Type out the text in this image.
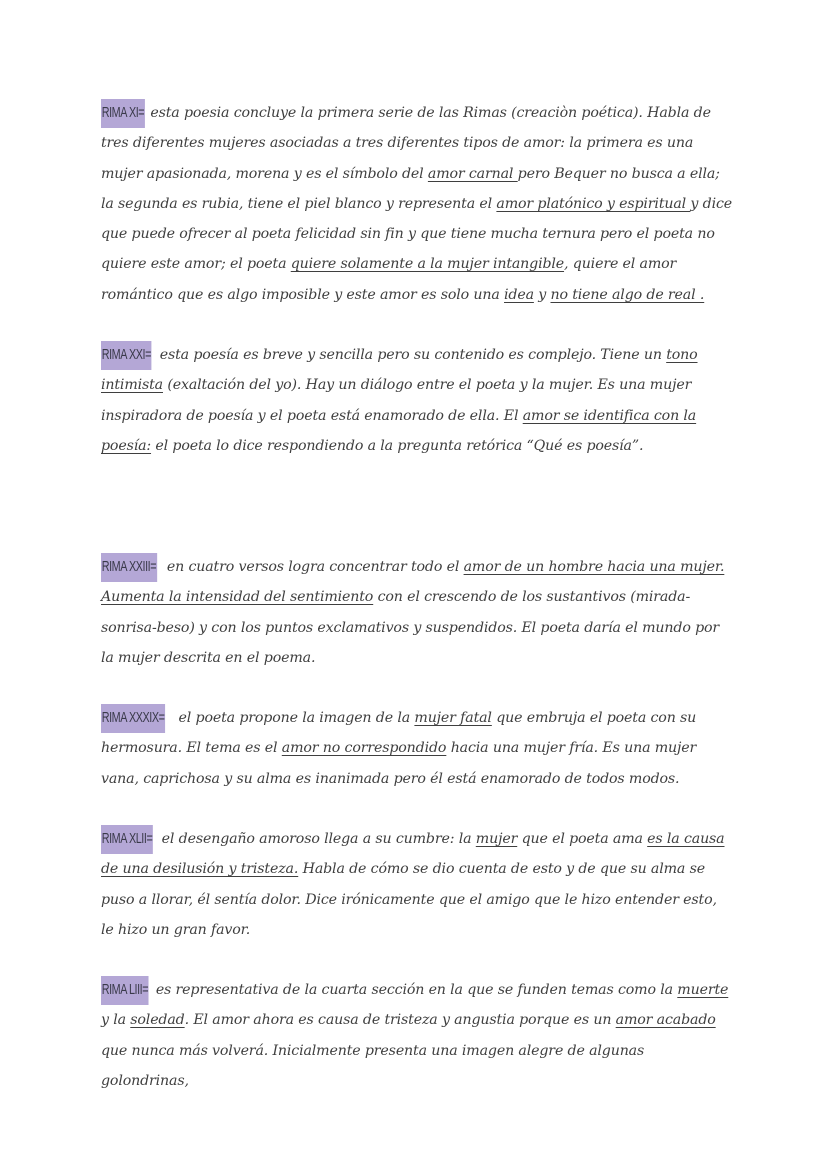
RIMA XI= esta poesia concluye la primera serie de las Rimas (creaciòn poética). Habla de tres diferentes mujeres asociadas a tres diferentes tipos de amor: la primera es una mujer apasionada, morena y es el símbolo del amor carnal pero Bequer no busca a ella; la segunda es rubia, tiene el piel blanco y representa el amor platónico y espiritual y dice que puede ofrecer al poeta felicidad sin fin y que tiene mucha ternura pero el poeta no quiere este amor; el poeta quiere solamente a la mujer intangible, quiere el amor romántico que es algo imposible y este amor es solo una idea y no tiene algo de real .

RIMA XXI= esta poesía es breve y sencilla pero su contenido es complejo. Tiene un tono intimista (exaltación del yo). Hay un diálogo entre el poeta y la mujer. Es una mujer inspiradora de poesía y el poeta está enamorado de ella. El amor se identifica con la poesía: el poeta lo dice respondiendo a la pregunta retórica “Qué es poesía”.

RIMA XXIII= en cuatro versos logra concentrar todo el amor de un hombre hacia una mujer. Aumenta la intensidad del sentimiento con el crescendo de los sustantivos (mirada-sonrisa-beso) y con los puntos exclamativos y suspendidos. El poeta daría el mundo por la mujer descrita en el poema.

RIMA XXXIX= el poeta propone la imagen de la mujer fatal que embruja el poeta con su hermosura. El tema es el amor no correspondido hacia una mujer fría. Es una mujer vana, caprichosa y su alma es inanimada pero él está enamorado de todos modos.

RIMA XLII= el desengaño amoroso llega a su cumbre: la mujer que el poeta ama es la causa de una desilusión y tristeza. Habla de cómo se dio cuenta de esto y de que su alma se puso a llorar, él sentía dolor. Dice irónicamente que el amigo que le hizo entender esto, le hizo un gran favor.

RIMA LIII= es representativa de la cuarta sección en la que se funden temas como la muerte y la soledad. El amor ahora es causa de tristeza y angustia porque es un amor acabado que nunca más volverá. Inicialmente presenta una imagen alegre de algunas golondrinas,
